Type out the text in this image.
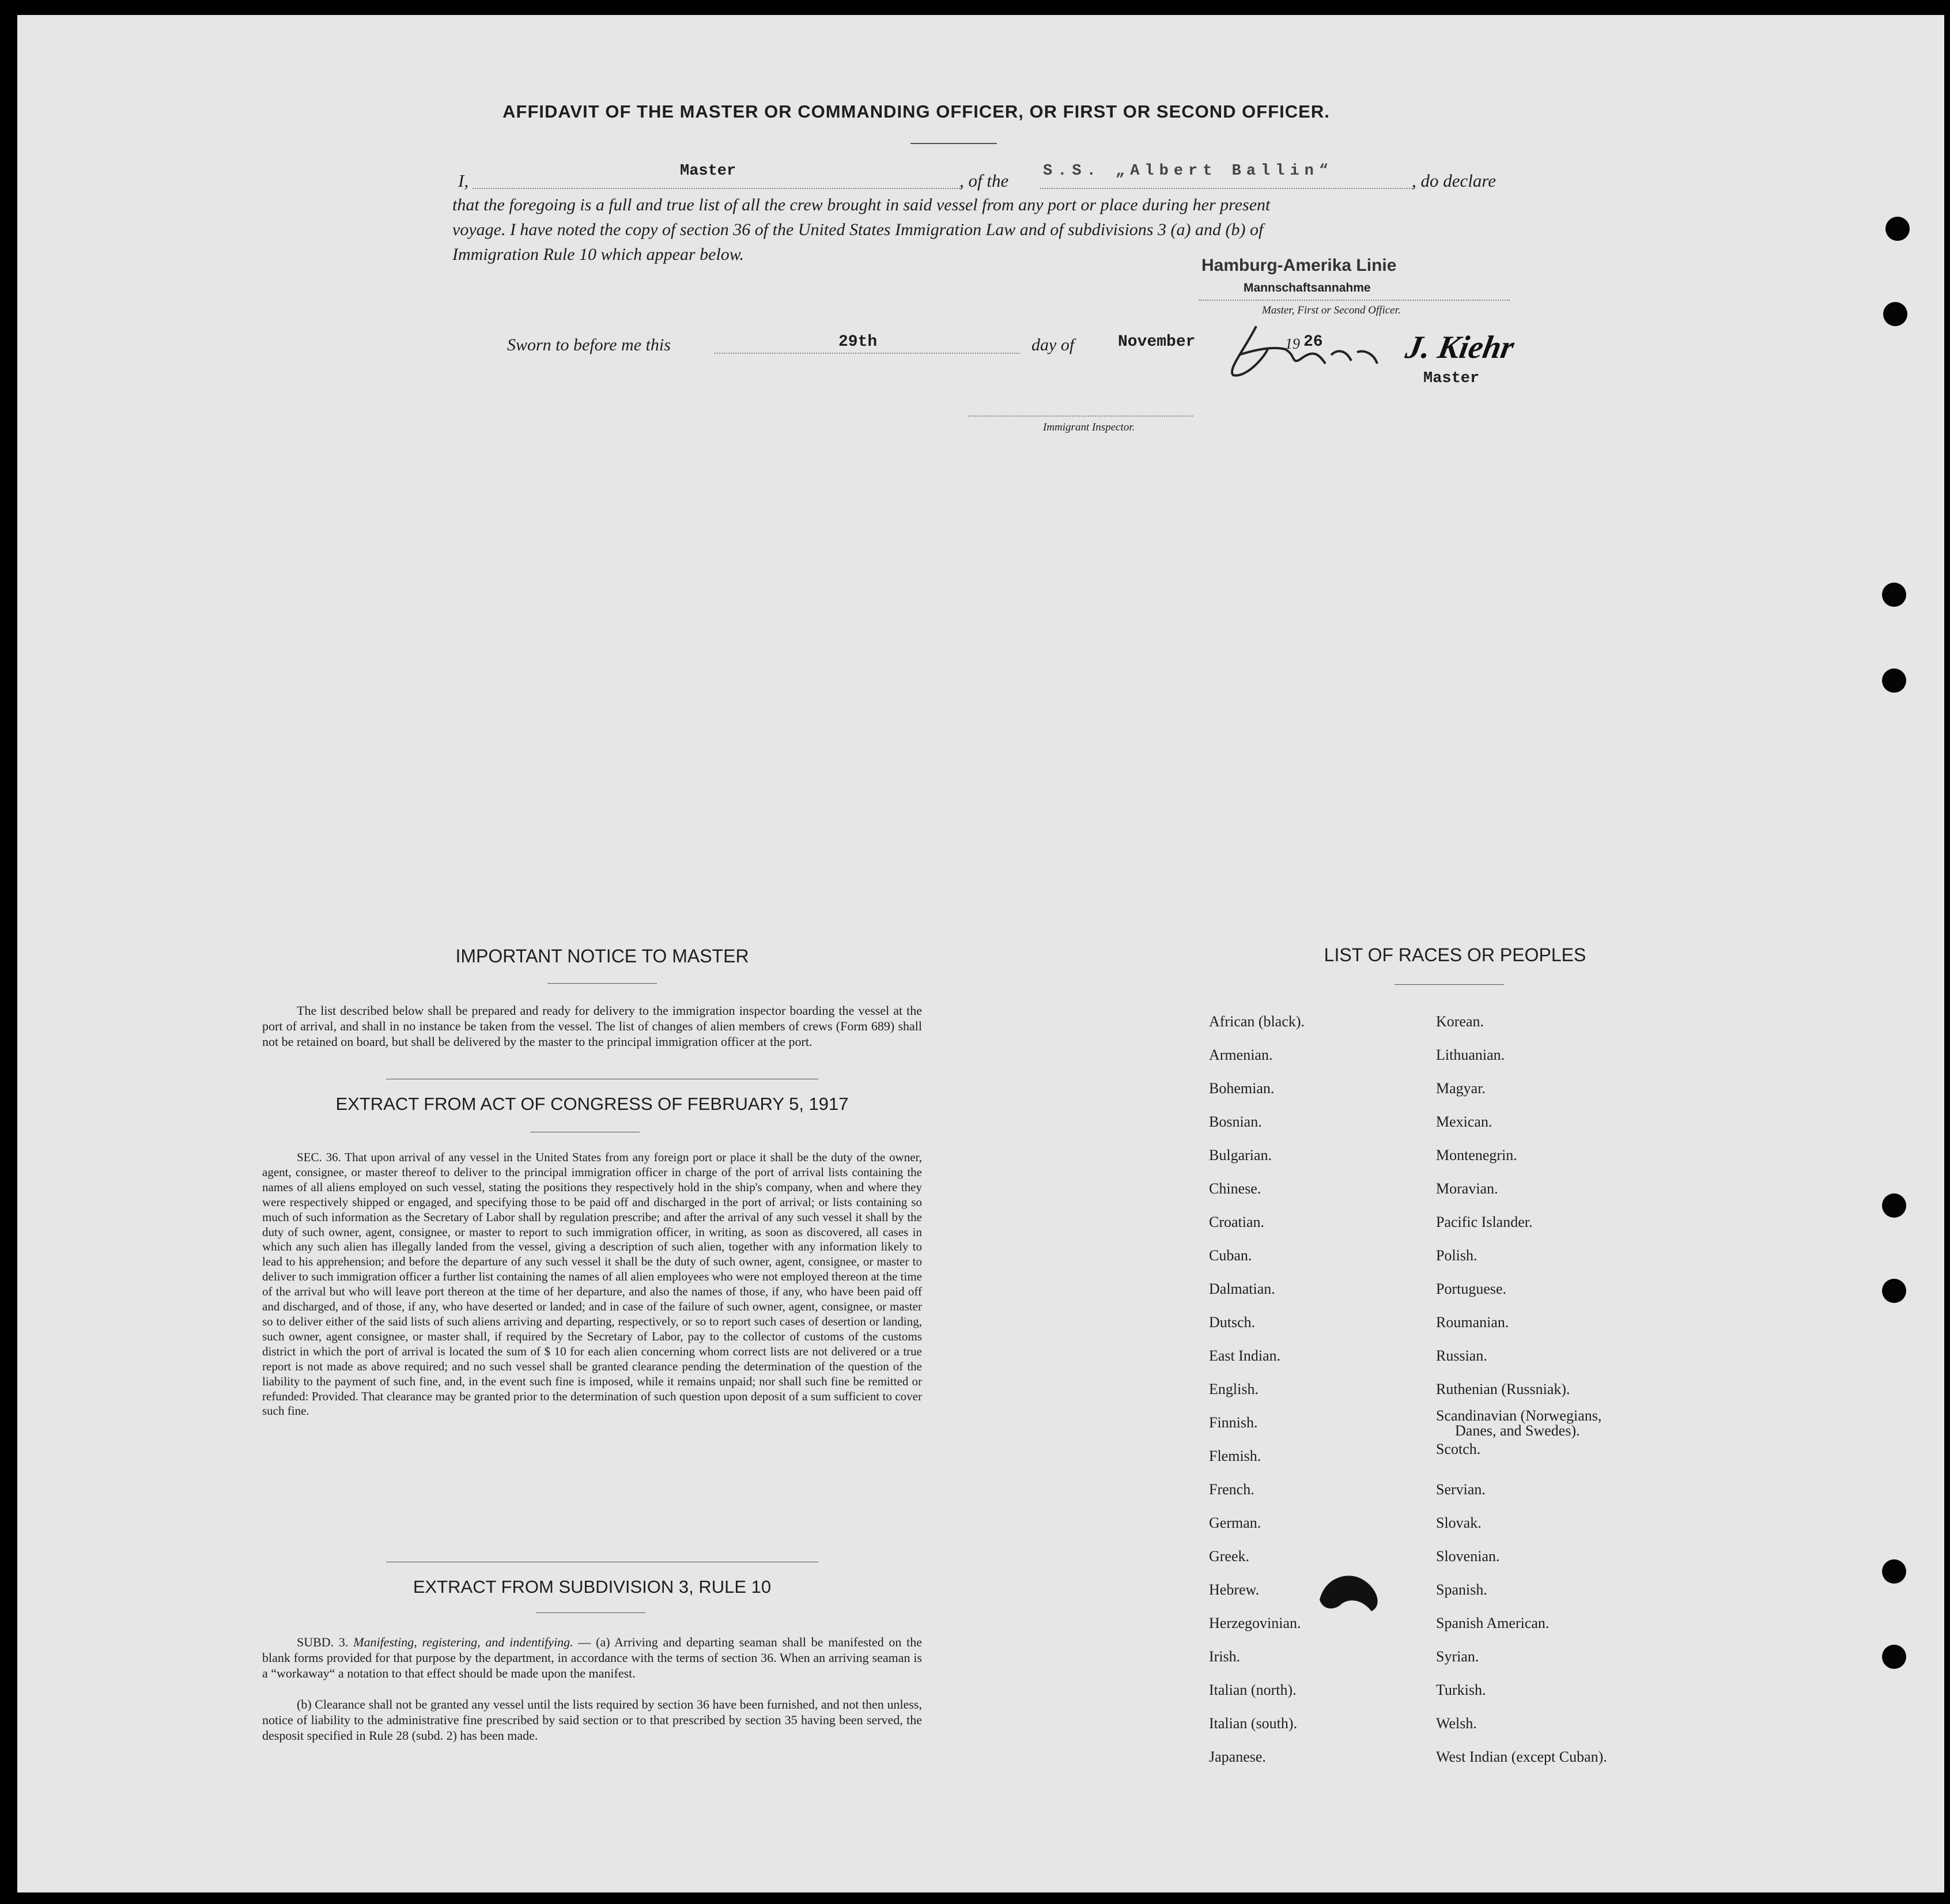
AFFIDAVIT OF THE MASTER OR COMMANDING OFFICER, OR FIRST OR SECOND OFFICER.
I,	Master	, of the S.S. „Albert Ballin“	, do declare
that the foregoing is a full and true list of all the crew brought in said vessel from any port or place during her present
voyage. I have noted the copy of section 36 of the United States Immigration Law and of subdivisions 3 (a) and (b) of
Immigration Rule 10 which appear below.
Hamburg-Amerika Linie
Mannschaftsannahme
Master, First or Second Officer.
Sworn to before me this	29th	day of	November	19 26 J. Kiehr
Master
Immigrant Inspector.
IMPORTANT NOTICE TO MASTER
The list described below shall be prepared and ready for delivery to the immigration inspector boarding the vessel at the port of arrival, and shall in no instance be taken from the vessel. The list of changes of alien members of crews (Form 689) shall not be retained on board, but shall be delivered by the master to the principal immigration officer at the port.
EXTRACT FROM ACT OF CONGRESS OF FEBRUARY 5, 1917
SEC. 36. That upon arrival of any vessel in the United States from any foreign port or place it shall be the duty of the owner, agent, consignee, or master thereof to deliver to the principal immigration officer in charge of the port of arrival lists containing the names of all aliens employed on such vessel, stating the positions they respectively hold in the ship's company, when and where they were respectively shipped or engaged, and specifying those to be paid off and discharged in the port of arrival; or lists containing so much of such information as the Secretary of Labor shall by regulation prescribe; and after the arrival of any such vessel it shall by the duty of such owner, agent, consignee, or master to report to such immigration officer, in writing, as soon as discovered, all cases in which any such alien has illegally landed from the vessel, giving a description of such alien, together with any information likely to lead to his apprehension; and before the departure of any such vessel it shall be the duty of such owner, agent, consignee, or master to deliver to such immigration officer a further list containing the names of all alien employees who were not employed thereon at the time of the arrival but who will leave port thereon at the time of her departure, and also the names of those, if any, who have been paid off and discharged, and of those, if any, who have deserted or landed; and in case of the failure of such owner, agent, consignee, or master so to deliver either of the said lists of such aliens arriving and departing, respectively, or so to report such cases of desertion or landing, such owner, agent consignee, or master shall, if required by the Secretary of Labor, pay to the collector of customs of the customs district in which the port of arrival is located the sum of $ 10 for each alien concerning whom correct lists are not delivered or a true report is not made as above required; and no such vessel shall be granted clearance pending the determination of the question of the liability to the payment of such fine, and, in the event such fine is imposed, while it remains unpaid; nor shall such fine be remitted or refunded: Provided. That clearance may be granted prior to the determination of such question upon deposit of a sum sufficient to cover such fine.
EXTRACT FROM SUBDIVISION 3, RULE 10
SUBD. 3. Manifesting, registering, and indentifying. — (a) Arriving and departing seaman shall be manifested on the blank forms provided for that purpose by the department, in accordance with the terms of section 36. When an arriving seaman is a “workaway“ a notation to that effect should be made upon the manifest.
(b) Clearance shall not be granted any vessel until the lists required by section 36 have been furnished, and not then unless, notice of liability to the administrative fine prescribed by said section or to that prescribed by section 35 having been served, the desposit specified in Rule 28 (subd. 2) has been made.
LIST OF RACES OR PEOPLES
African (black).
Armenian.
Bohemian.
Bosnian.
Bulgarian.
Chinese.
Croatian.
Cuban.
Dalmatian.
Dutsch.
East Indian.
English.
Finnish.
Flemish.
French.
German.
Greek.
Hebrew.
Herzegovinian.
Irish.
Italian (north).
Italian (south).
Japanese.
Korean.
Lithuanian.
Magyar.
Mexican.
Montenegrin.
Moravian.
Pacific Islander.
Polish.
Portuguese.
Roumanian.
Russian.
Ruthenian (Russniak).
Scandinavian (Norwegians,
Danes, and Swedes).
Scotch.
Servian.
Slovak.
Slovenian.
Spanish.
Spanish American.
Syrian.
Turkish.
Welsh.
West Indian (except Cuban).
